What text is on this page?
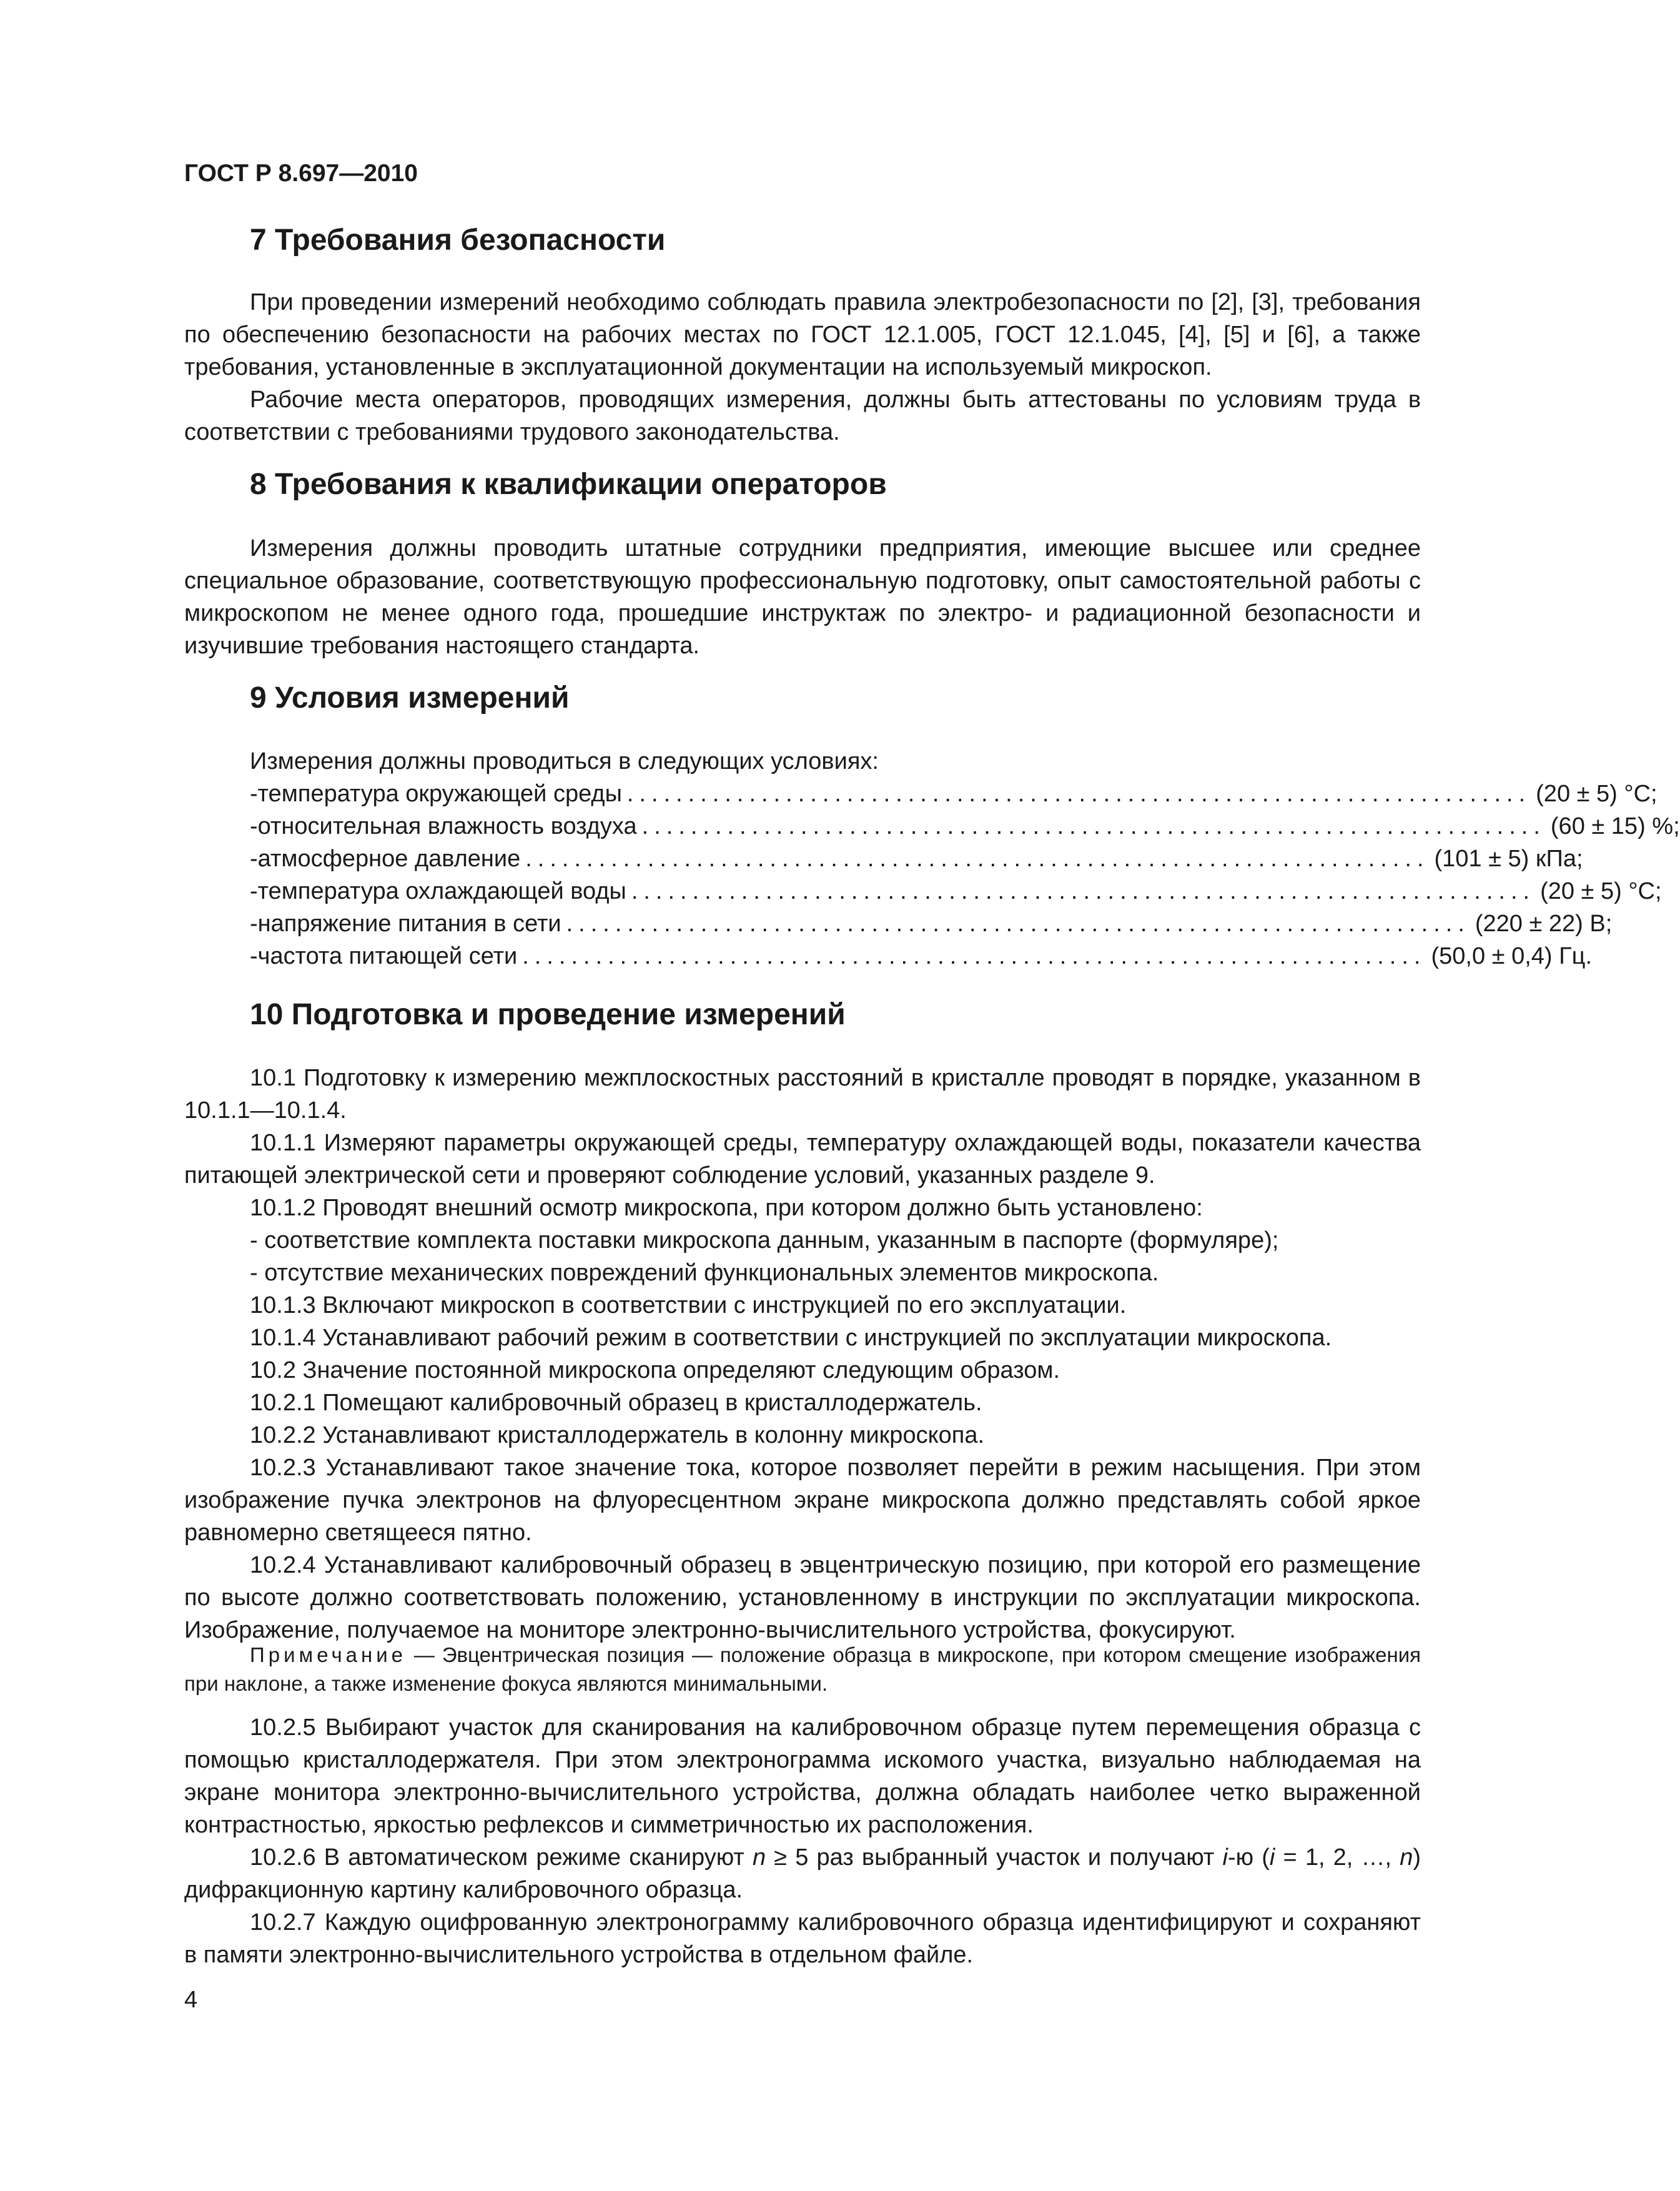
ГОСТ Р 8.697—2010
7 Требования безопасности

При проведении измерений необходимо соблюдать правила электробезопасности по [2], [3], требования по обеспечению безопасности на рабочих местах по ГОСТ 12.1.005, ГОСТ 12.1.045, [4], [5] и [6], а также требования, установленные в эксплуатационной документации на используемый микроскоп.

Рабочие места операторов, проводящих измерения, должны быть аттестованы по условиям труда в соответствии с требованиями трудового законодательства.

8 Требования к квалификации операторов

Измерения должны проводить штатные сотрудники предприятия, имеющие высшее или среднее специальное образование, соответствующую профессиональную подготовку, опыт самостоятельной работы с микроскопом не менее одного года, прошедшие инструктаж по электро- и радиационной безопасности и изучившие требования настоящего стандарта.

9 Условия измерений

Измерения должны проводиться в следующих условиях:

- температура окружающей среды .......................................................................... (20 ± 5) °С;
- относительная влажность воздуха .......................................................................... (60 ± 15) %;
- атмосферное давление .......................................................................... (101 ± 5) кПа;
- температура охлаждающей воды .......................................................................... (20 ± 5) °С;
- напряжение питания в сети .......................................................................... (220 ± 22) В;
- частота питающей сети .......................................................................... (50,0 ± 0,4) Гц.
10 Подготовка и проведение измерений

10.1 Подготовку к измерению межплоскостных расстояний в кристалле проводят в порядке, указанном в 10.1.1—10.1.4.

10.1.1 Измеряют параметры окружающей среды, температуру охлаждающей воды, показатели качества питающей электрической сети и проверяют соблюдение условий, указанных разделе 9.

10.1.2 Проводят внешний осмотр микроскопа, при котором должно быть установлено:

- соответствие комплекта поставки микроскопа данным, указанным в паспорте (формуляре);

- отсутствие механических повреждений функциональных элементов микроскопа.

10.1.3 Включают микроскоп в соответствии с инструкцией по его эксплуатации.

10.1.4 Устанавливают рабочий режим в соответствии с инструкцией по эксплуатации микроскопа.

10.2 Значение постоянной микроскопа определяют следующим образом.

10.2.1 Помещают калибровочный образец в кристаллодержатель.

10.2.2 Устанавливают кристаллодержатель в колонну микроскопа.

10.2.3 Устанавливают такое значение тока, которое позволяет перейти в режим насыщения. При этом изображение пучка электронов на флуоресцентном экране микроскопа должно представлять собой яркое равномерно светящееся пятно.

10.2.4 Устанавливают калибровочный образец в эвцентрическую позицию, при которой его размещение по высоте должно соответствовать положению, установленному в инструкции по эксплуатации микроскопа. Изображение, получаемое на мониторе электронно-вычислительного устройства, фокусируют.

Примечание — Эвцентрическая позиция — положение образца в микроскопе, при котором смещение изображения при наклоне, а также изменение фокуса являются минимальными.

10.2.5 Выбирают участок для сканирования на калибровочном образце путем перемещения образца с помощью кристаллодержателя. При этом электронограмма искомого участка, визуально наблюдаемая на экране монитора электронно-вычислительного устройства, должна обладать наиболее четко выраженной контрастностью, яркостью рефлексов и симметричностью их расположения.

10.2.6 В автоматическом режиме сканируют n ≥ 5 раз выбранный участок и получают i-ю (i = 1, 2, …, n) дифракционную картину калибровочного образца.

10.2.7 Каждую оцифрованную электронограмму калибровочного образца идентифицируют и сохраняют в памяти электронно-вычислительного устройства в отдельном файле.

4
